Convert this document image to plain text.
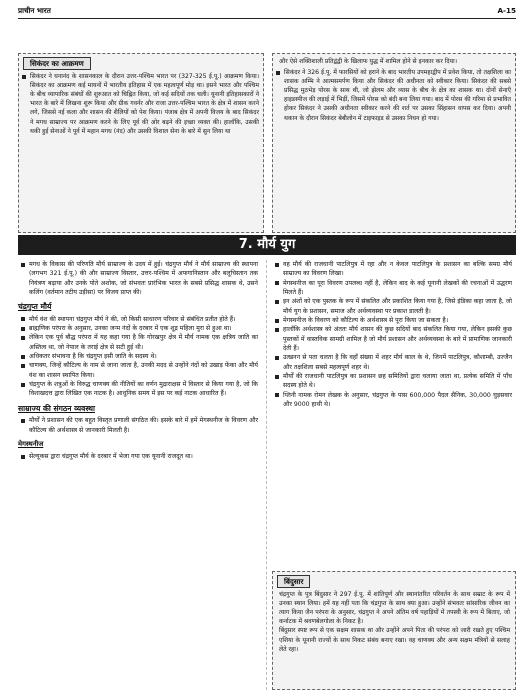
प्राचीन भारत	A-15
सिकंदर का आक्रमण
सिकंदर ने घनानंद के शासनकाल के दौरान उत्तर-पश्चिम भारत पर (327-325 ई.पू.) आक्रमण किया। सिकंदर का आक्रमण कई मायनों में भारतीय इतिहास में एक महत्वपूर्ण मोड़ था। इसने भारत और पश्चिम के बीच व्यापारिक संबंधों की शुरुआत को चिह्नित किया, जो कई सदियों तक चली। यूनानी इतिहासकारों ने भारत के बारे में लिखना शुरू किया और ग्रीक गवर्नर और राजा उत्तर-पश्चिम भारत के क्षेत्र में शासन करने लगे, जिससे नई कला और शासन की शैलियों को पेश किया। पंजाब क्षेत्र में अपनी विजय के बाद सिकंदर ने मगध साम्राज्य पर आक्रमण करने के लिए पूर्व की ओर बढ़ने की इच्छा व्यक्त की। हालाँकि, उसकी थकी हुई सेनाओं ने पूर्व में महान मगध (नंद) और उसकी विशाल सेना के बारे में सुन लिया था
और ऐसे शक्तिशाली प्रतिद्वंद्वी के खिलाफ युद्ध में शामिल होने से इनकार कर दिया।
सिकंदर ने 326 ई.पू. में फारसियों को हराने के बाद भारतीय उपमहाद्वीप में प्रवेश किया, तो तक्षशिला का शासक अम्भि ने आत्मसमर्पण किया और सिकंदर की अधीनता को स्वीकार किया। सिकंदर की सबसे प्रसिद्ध मुठभेड़ पोरस के साथ थी, जो झेलम और व्यास के बीच के क्षेत्र का शासक था। दोनों सेनाएँ हाइडस्पीज की लड़ाई में भिड़ीं, जिसमें पोरस को बंदी बना लिया गया। बाद में पोरस की गरिमा से प्रभावित होकर सिकंदर ने उसकी अधीनता स्वीकार करने की शर्त पर उसका सिंहासन वापस कर दिया। अपनी थकान के दौरान सिकंदर बेबीलोन में टाइफाइड से उसका निधन हो गया।
7. मौर्य युग
मगध के विकास की परिणति मौर्य साम्राज्य के उदय में हुई। चंद्रगुप्त मौर्य ने मौर्य साम्राज्य की स्थापना (लगभग 321 ई.पू.) की और साम्राज्य विस्तार, उत्तर-पश्चिम में अफगानिस्तान और बलूचिस्तान तक नियंत्रण बढ़ाया और उनके पोते अशोक, जो संभवतः प्रारंभिक भारत के सबसे प्रसिद्ध शासक थे, उसने कलिंग (वर्तमान तटीय उड़ीसा) पर विजय प्राप्त की।
चंद्रगुप्त मौर्य
मौर्य वंश की स्थापना चंद्रगुप्त मौर्य ने की, जो किसी साधारण परिवार से संबंधित प्रतीत होते हैं।
ब्राह्मणिक परंपरा के अनुसार, उनका जन्म नंदों के दरबार में एक शूद्र महिला मुरा से हुआ था।
लेकिन एक पूर्व बौद्ध परंपरा में यह कहा गया है कि गोरखपुर क्षेत्र में मौर्य नामक एक क्षत्रिय जाति का अस्तित्व था, जो नेपाल के तराई क्षेत्र से सटी हुई थी।
अधिकतर संभावना है कि चंद्रगुप्त इसी जाति के सदस्य थे।
चाणक्य, जिन्हें कौटिल्य के नाम से जाना जाता है, उनकी मदद से उन्होंने नंदों को उखाड़ फेंका और मौर्य वंश का शासन स्थापित किया।
चंद्रगुप्त के शत्रुओं के विरुद्ध चाणक्य की नीतियों का वर्णन मुद्राराक्षस में विस्तार से किया गया है, जो कि विशाखदत्त द्वारा लिखित एक नाटक है। आधुनिक समय में इस पर कई नाटक आधारित हैं।
साम्राज्य की संगठन व्यवस्था
मौर्यों ने प्रशासन की एक बहुत विस्तृत प्रणाली संगठित की। इसके बारे में हमें मेगस्थनीज के विवरण और कौटिल्य की अर्थशास्त्र से जानकारी मिलती है।
मेगस्थनीज
सेल्यूकस द्वारा चंद्रगुप्त मौर्य के दरबार में भेजा गया एक यूनानी राजदूत था।
वह मौर्य की राजधानी पाटलिपुत्र में रहा और न केवल पाटलिपुत्र के प्रशासन का बल्कि समग्र मौर्य साम्राज्य का विवरण लिखा।
मेगस्थनीज का पूरा विवरण उपलब्ध नहीं है, लेकिन बाद के कई यूनानी लेखकों की रचनाओं में उद्धरण मिलते हैं।
इन अंशों को एक पुस्तक के रूप में संकलित और प्रकाशित किया गया है, जिसे इंडिका कहा जाता है, जो मौर्य युग के प्रशासन, समाज और अर्थव्यवस्था पर प्रकाश डालती है।
मेगस्थनीज के विवरण को कौटिल्य के अर्थशास्त्र से पूरा किया जा सकता है।
हालाँकि अर्थशास्त्र को अंततः मौर्य शासन की कुछ सदियों बाद संकलित किया गया, लेकिन इसकी कुछ पुस्तकों में वास्तविक सामग्री शामिल है जो मौर्य प्रशासन और अर्थव्यवस्था के बारे में प्रामाणिक जानकारी देती हैं।
उत्खनन से पता चलता है कि वहाँ संख्या में शहर मौर्य काल के थे, जिनमें पाटलिपुत्र, कौशाम्बी, उज्जैन और तक्षशिला सबसे महत्वपूर्ण शहर थे।
मौर्यों की राजधानी पाटलिपुत्र का प्रशासन छह समितियों द्वारा चलाया जाता था, प्रत्येक समिति में पाँच सदस्य होते थे।
प्लिनी नामक रोमन लेखक के अनुसार, चंद्रगुप्त के पास 600,000 पैदल सैनिक, 30,000 घुड़सवार और 9000 हाथी थे।
बिंदुसार
चंद्रगुप्त के पुत्र बिंदुसार ने 297 ई.पू. में शांतिपूर्ण और स्थानांतरित परिवर्तन के साथ सम्राट के रूप में उनका स्थान लिया। हमें यह नहीं पता कि चंद्रगुप्त के साथ क्या हुआ। उन्होंने संभवतः सांसारिक जीवन का त्याग किया जैन परंपरा के अनुसार, चंद्रगुप्त ने अपने अंतिम वर्ष पहाड़ियों में तपस्वी के रूप में बिताए, जो कर्नाटक में श्रवणबेलगोला के निकट है।
बिंदुसार स्पष्ट रूप से एक सक्षम शासक था और उन्होंने अपने पिता की परंपरा को जारी रखते हुए पश्चिम एशिया के यूनानी राज्यों के साथ निकट संबंध बनाए रखा। वह चाणक्य और अन्य सक्षम मंत्रियों से सलाह लेते रहा।
